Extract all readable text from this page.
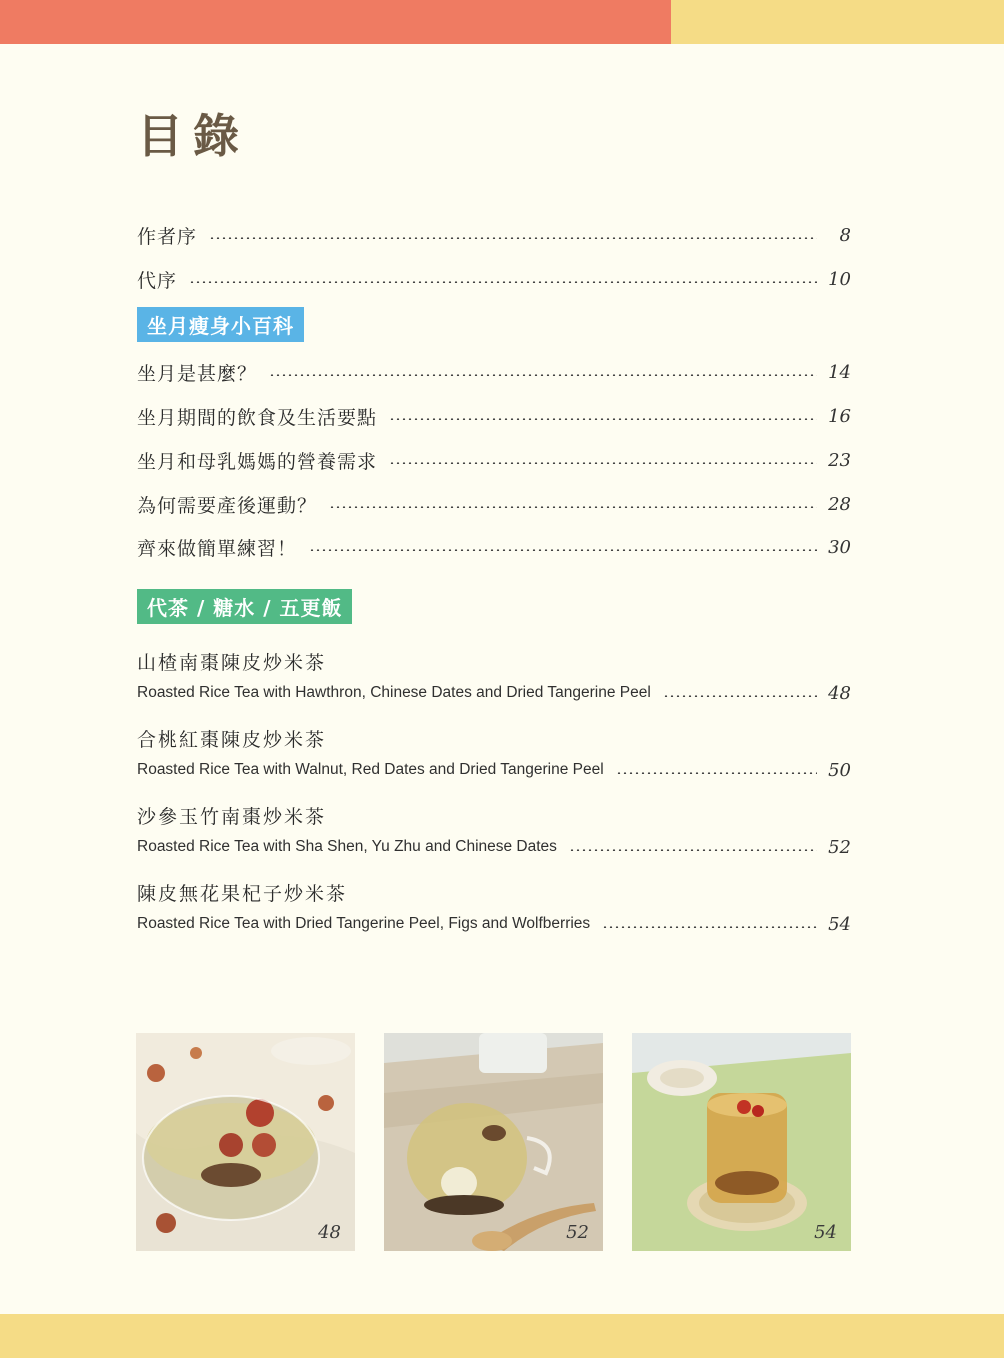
目錄
作者序	8
代序	10
坐月瘦身小百科
坐月是甚麼？	14
坐月期間的飲食及生活要點	16
坐月和母乳媽媽的營養需求	23
為何需要產後運動？	28
齊來做簡單練習！	30
代茶 / 糖水 / 五更飯
山楂南棗陳皮炒米茶
Roasted Rice Tea with Hawthron, Chinese Dates and Dried Tangerine Peel	48
合桃紅棗陳皮炒米茶
Roasted Rice Tea with Walnut, Red Dates and Dried Tangerine Peel	50
沙參玉竹南棗炒米茶
Roasted Rice Tea with Sha Shen, Yu Zhu and Chinese Dates	52
陳皮無花果杞子炒米茶
Roasted Rice Tea with Dried Tangerine Peel, Figs and Wolfberries	54
48	52	54
